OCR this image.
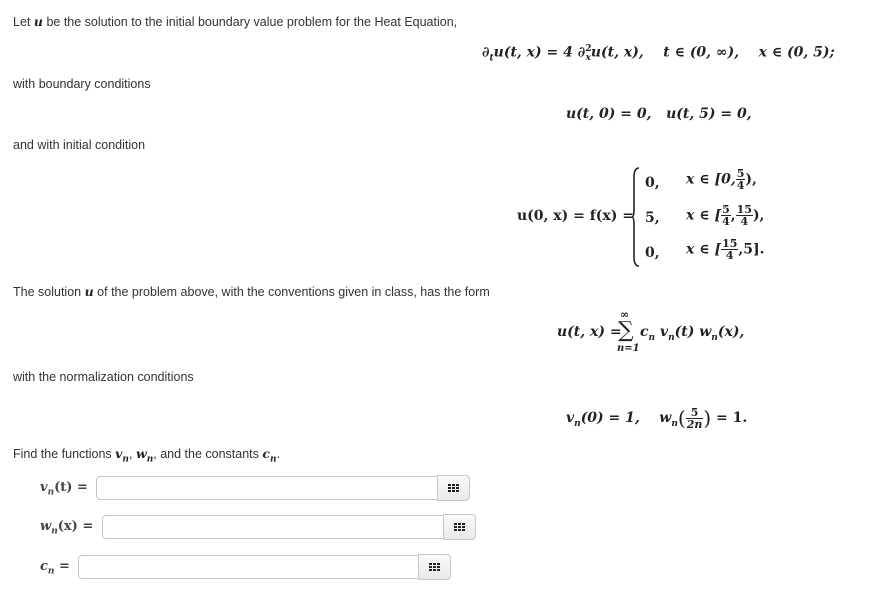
Let u be the solution to the initial boundary value problem for the Heat Equation,
$\partial_tu(t$, x) = 4 ∂$^2_x$u(t, x), t ∈ (0, ∞), x ∈ (0, 5);
with boundary conditions
u(t, 0) = 0, u(t, 5) = 0,
and with initial condition
u(0, x) = f(x) =
0, x ∈ [0, $\frac{5}{4}$ ),
5, x ∈ [ $\frac{5}{4}$ , $\frac{15}{4}$ ),
0, x ∈ [ $\frac{15}{4} ,5$].
The solution u of the problem above, with the conventions given in class, has the form
u(t, x) =
∞
∑
n=1
$c_n$ $v_n(t)$ $w_n(x)$,
with the normalization conditions
$v_n(0) = 1$, $w_n( \frac{5}{2n}$ ) = 1.
Find the functions $v_n$, $w_n$, and the constants $c_n$.
$v_n(t)$ =
$w_n(x)$ =
$c_n$ =
